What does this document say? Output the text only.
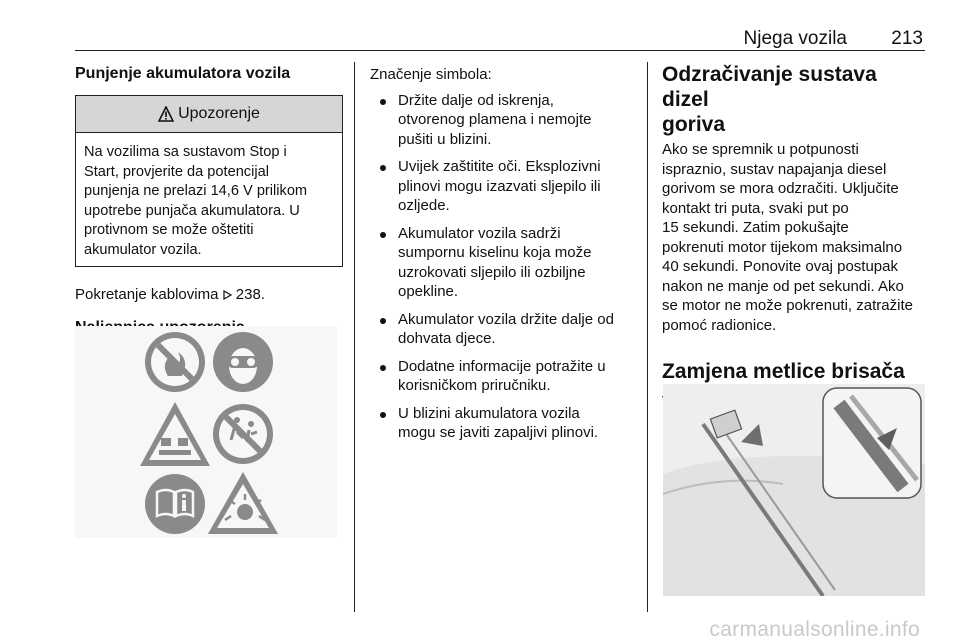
Njega vozila 213

Punjenje akumulatora vozila

Upozorenje
Na vozilima sa sustavom Stop i
Start, provjerite da potencijal
punjenja ne prelazi 14,6 V prilikom
upotrebe punjača akumulatora. U
protivnom se može oštetiti
akumulator vozila.

Pokretanje kablovima 238.

Značenje simbola:

Držite dalje od iskrenja,
otvorenog plamena i nemojte
pušiti u blizini.
Uvijek zaštitite oči. Eksplozivni
plinovi mogu izazvati sljepilo ili
ozljede.
Akumulator vozila sadrži
sumpornu kiselinu koja može
uzrokovati sljepilo ili ozbiljne
opekline.
Akumulator vozila držite dalje od
dohvata djece.
Dodatne informacije potražite u
korisničkom priručniku.
U blizini akumulatora vozila
mogu se javiti zapaljivi plinovi.
Odzračivanje sustava dizel
goriva
Ako se spremnik u potpunosti
ispraznio, sustav napajanja diesel
gorivom se mora odzračiti. Uključite
kontakt tri puta, svaki put po
15 sekundi. Zatim pokušajte
pokrenuti motor tijekom maksimalno
40 sekundi. Ponovite ovaj postupak
nakon ne manje od pet sekundi. Ako
se motor ne može pokrenuti, zatražite
pomoć radionice.

Zamjena metlice brisača

carmanualsonline.info
